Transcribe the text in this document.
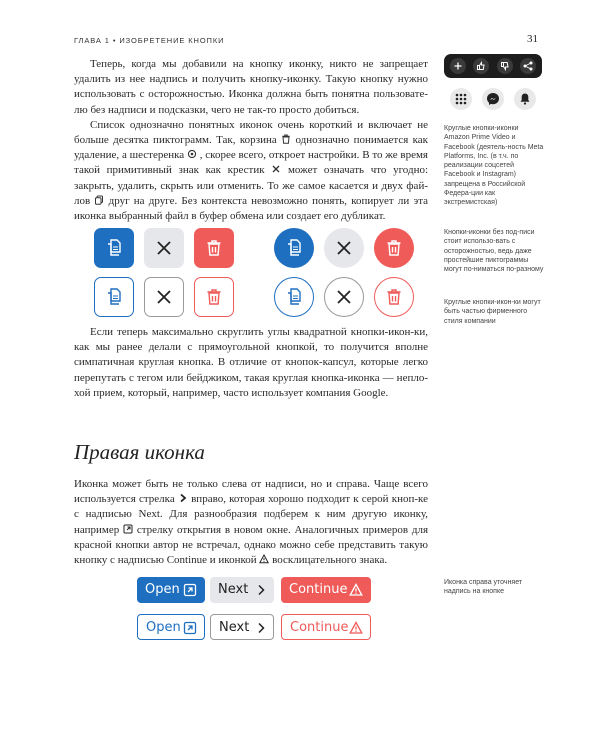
ГЛАВА 1 • ИЗОБРЕТЕНИЕ КНОПКИ	31

Теперь, когда мы добавили на кнопку иконку, никто не запрещает удалить из нее надпись и получить кнопку-иконку. Такую кнопку нужно использовать с осторожностью. Иконка должна быть понятна пользовате-лю без надписи и подсказки, чего не так-то просто добиться.

Список однозначно понятных иконок очень короткий и включает не больше десятка пиктограмм. Так, корзина однозначно понимается как удаление, а шестеренка , скорее всего, откроет настройки. В то же время такой примитивный знак как крестик может означать что угодно: закрыть, удалить, скрыть или отменить. То же самое касается и двух фай-лов друг на друге. Без контекста невозможно понять, копирует ли эта иконка выбранный файл в буфер обмена или создает его дубликат.

Круглые кнопки-иконки Amazon Prime Video и Facebook (деятель-ность Meta Platforms, Inc. (в т.ч. по реализации соцсетей Facebook и Instagram) запрещена в Российской Федера-ции как экстремистская)
Кнопки-иконки без под-писи стоит использо-вать с осторожностью, ведь даже простейшие пиктограммы могут по-ниматься по-разному
Круглые кнопки-икон-ки могут быть частью фирменного стиля компании
Иконка справа уточняет надпись на кнопке

Если теперь максимально скруглить углы квадратной кнопки-икон-ки, как мы ранее делали с прямоугольной кнопкой, то получится вполне симпатичная круглая кнопка. В отличие от кнопок-капсул, которые легко перепутать с тегом или бейджиком, такая круглая кнопка-иконка — непло-хой прием, который, например, часто использует компания Google.

Правая иконка

Иконка может быть не только слева от надписи, но и справа. Чаще всего используется стрелка вправо, которая хорошо подходит к серой кноп-ке с надписью Next. Для разнообразия подберем к ним другую иконку, например стрелку открытия в новом окне. Аналогичных примеров для красной кнопки автор не встречал, однако можно себе представить такую кнопку с надписью Continue и иконкой восклицательного знака.

Open	Next	Continue
Open	Next	Continue
